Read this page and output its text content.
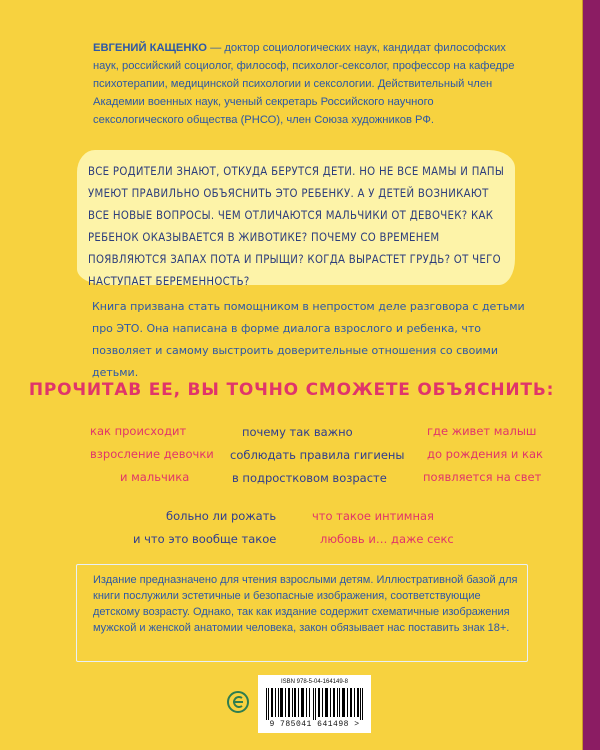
ЕВГЕНИЙ КАЩЕНКО — доктор социологических наук, кандидат философских наук, российский социолог, философ, психолог-сексолог, профессор на кафедре психотерапии, медицинской психологии и сексологии. Действительный член Академии военных наук, ученый секретарь Российского научного сексологического общества (РНСО), член Союза художников РФ.
ВСЕ РОДИТЕЛИ ЗНАЮТ, ОТКУДА БЕРУТСЯ ДЕТИ. НО НЕ ВСЕ МАМЫ И ПАПЫ УМЕЮТ ПРАВИЛЬНО ОБЪЯСНИТЬ ЭТО РЕБЕНКУ. А У ДЕТЕЙ ВОЗНИКАЮТ ВСЕ НОВЫЕ ВОПРОСЫ. ЧЕМ ОТЛИЧАЮТСЯ МАЛЬЧИКИ ОТ ДЕВОЧЕК? КАК РЕБЕНОК ОКАЗЫВАЕТСЯ В ЖИВОТИКЕ? ПОЧЕМУ СО ВРЕМЕНЕМ ПОЯВЛЯЮТСЯ ЗАПАХ ПОТА И ПРЫЩИ? КОГДА ВЫРАСТЕТ ГРУДЬ? ОТ ЧЕГО НАСТУПАЕТ БЕРЕМЕННОСТЬ?
Книга призвана стать помощником в непростом деле разговора с детьми про ЭТО. Она написана в форме диалога взрослого и ребенка, что позволяет и самому выстроить доверительные отношения со своими детьми.
ПРОЧИТАВ ЕЕ, ВЫ ТОЧНО СМОЖЕТЕ ОБЪЯСНИТЬ:
как происходит
взросление девочки
и мальчика
почему так важно
соблюдать правила гигиены
в подростковом возрасте
где живет малыш
до рождения и как
появляется на свет
больно ли рожать
и что это вообще такое
что такое интимная
любовь и… даже секс
Издание предназначено для чтения взрослыми детям. Иллюстративной базой для книги послужили эстетичные и безопасные изображения, соответствующие детскому возрасту. Однако, так как издание содержит схематичные изображения мужской и женской анатомии человека, закон обязывает нас поставить знак 18+.
ISBN 978-5-04-164149-8
9 785041 641498 >
